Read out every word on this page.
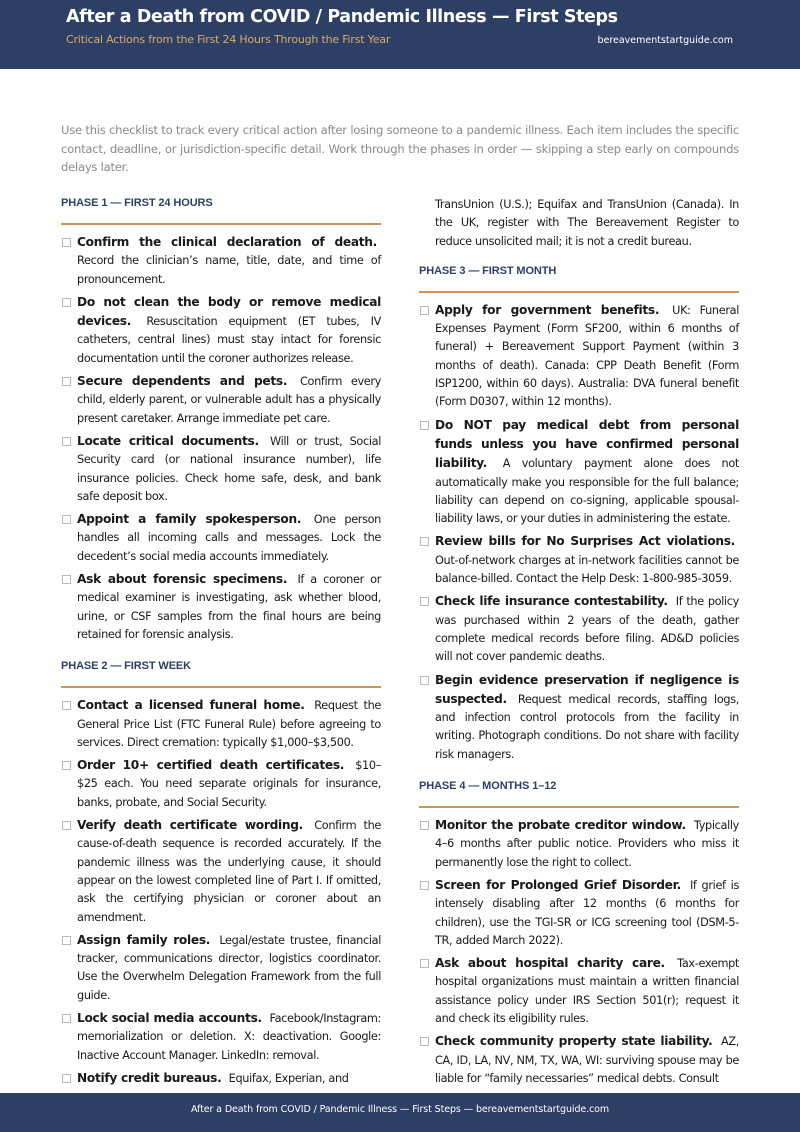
After a Death from COVID / Pandemic Illness — First Steps
Critical Actions from the First 24 Hours Through the First Year	bereavementstartguide.com

Use this checklist to track every critical action after losing someone to a pandemic illness. Each item includes the specific contact, deadline, or jurisdiction-specific detail. Work through the phases in order — skipping a step early on compounds delays later.

PHASE 1 — FIRST 24 HOURS
Confirm the clinical declaration of death. Record the clinician’s name, title, date, and time of pronouncement.
Do not clean the body or remove medical devices. Resuscitation equipment (ET tubes, IV catheters, central lines) must stay intact for forensic documentation until the coroner authorizes release.
Secure dependents and pets. Confirm every child, elderly parent, or vulnerable adult has a physically present caretaker. Arrange immediate pet care.
Locate critical documents. Will or trust, Social Security card (or national insurance number), life insurance policies. Check home safe, desk, and bank safe deposit box.
Appoint a family spokesperson. One person handles all incoming calls and messages. Lock the decedent’s social media accounts immediately.
Ask about forensic specimens. If a coroner or medical examiner is investigating, ask whether blood, urine, or CSF samples from the final hours are being retained for forensic analysis.
PHASE 2 — FIRST WEEK
Contact a licensed funeral home. Request the General Price List (FTC Funeral Rule) before agreeing to services. Direct cremation: typically $1,000–$3,500.
Order 10+ certified death certificates. $10–$25 each. You need separate originals for insurance, banks, probate, and Social Security.
Verify death certificate wording. Confirm the cause-of-death sequence is recorded accurately. If the pandemic illness was the underlying cause, it should appear on the lowest completed line of Part I. If omitted, ask the certifying physician or coroner about an amendment.
Assign family roles. Legal/estate trustee, financial tracker, communications director, logistics coordinator. Use the Overwhelm Delegation Framework from the full guide.
Lock social media accounts. Facebook/Instagram: memorialization or deletion. X: deactivation. Google: Inactive Account Manager. LinkedIn: removal.
Notify credit bureaus. Equifax, Experian, and
TransUnion (U.S.); Equifax and TransUnion (Canada). In the UK, register with The Bereavement Register to reduce unsolicited mail; it is not a credit bureau.
PHASE 3 — FIRST MONTH
Apply for government benefits. UK: Funeral Expenses Payment (Form SF200, within 6 months of funeral) + Bereavement Support Payment (within 3 months of death). Canada: CPP Death Benefit (Form ISP1200, within 60 days). Australia: DVA funeral benefit (Form D0307, within 12 months).
Do NOT pay medical debt from personal funds unless you have confirmed personal liability. A voluntary payment alone does not automatically make you responsible for the full balance; liability can depend on co-signing, applicable spousal-liability laws, or your duties in administering the estate.
Review bills for No Surprises Act violations. Out-of-network charges at in-network facilities cannot be balance-billed. Contact the Help Desk: 1-800-985-3059.
Check life insurance contestability. If the policy was purchased within 2 years of the death, gather complete medical records before filing. AD&D policies will not cover pandemic deaths.
Begin evidence preservation if negligence is suspected. Request medical records, staffing logs, and infection control protocols from the facility in writing. Photograph conditions. Do not share with facility risk managers.
PHASE 4 — MONTHS 1–12
Monitor the probate creditor window. Typically 4–6 months after public notice. Providers who miss it permanently lose the right to collect.
Screen for Prolonged Grief Disorder. If grief is intensely disabling after 12 months (6 months for children), use the TGI-SR or ICG screening tool (DSM-5-TR, added March 2022).
Ask about hospital charity care. Tax-exempt hospital organizations must maintain a written financial assistance policy under IRS Section 501(r); request it and check its eligibility rules.
Check community property state liability. AZ, CA, ID, LA, NV, NM, TX, WA, WI: surviving spouse may be liable for “family necessaries” medical debts. Consult
After a Death from COVID / Pandemic Illness — First Steps — bereavementstartguide.com
